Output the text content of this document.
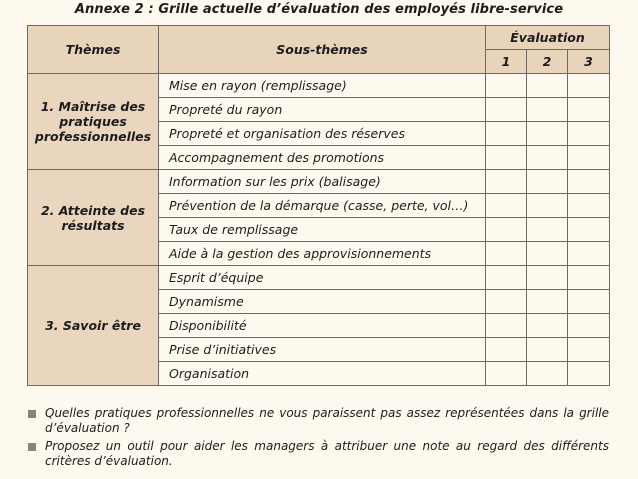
Annexe 2 : Grille actuelle d’évaluation des employés libre-service
Thèmes	Sous-thèmes	Évaluation		
		1	2	3
1. Maîtrise des pratiques professionnelles	Mise en rayon (remplissage)			
	Propreté du rayon			
	Propreté et organisation des réserves			
	Accompagnement des promotions			
2. Atteinte des résultats	Information sur les prix (balisage)			
	Prévention de la démarque (casse, perte, vol…)			
	Taux de remplissage			
	Aide à la gestion des approvisionnements			
3. Savoir être	Esprit d’équipe			
	Dynamisme			
	Disponibilité			
	Prise d’initiatives			
	Organisation			
Quelles pratiques professionnelles ne vous paraissent pas assez représentées dans la grille d’évaluation ?
Proposez un outil pour aider les managers à attribuer une note au regard des différents critères d’évaluation.
